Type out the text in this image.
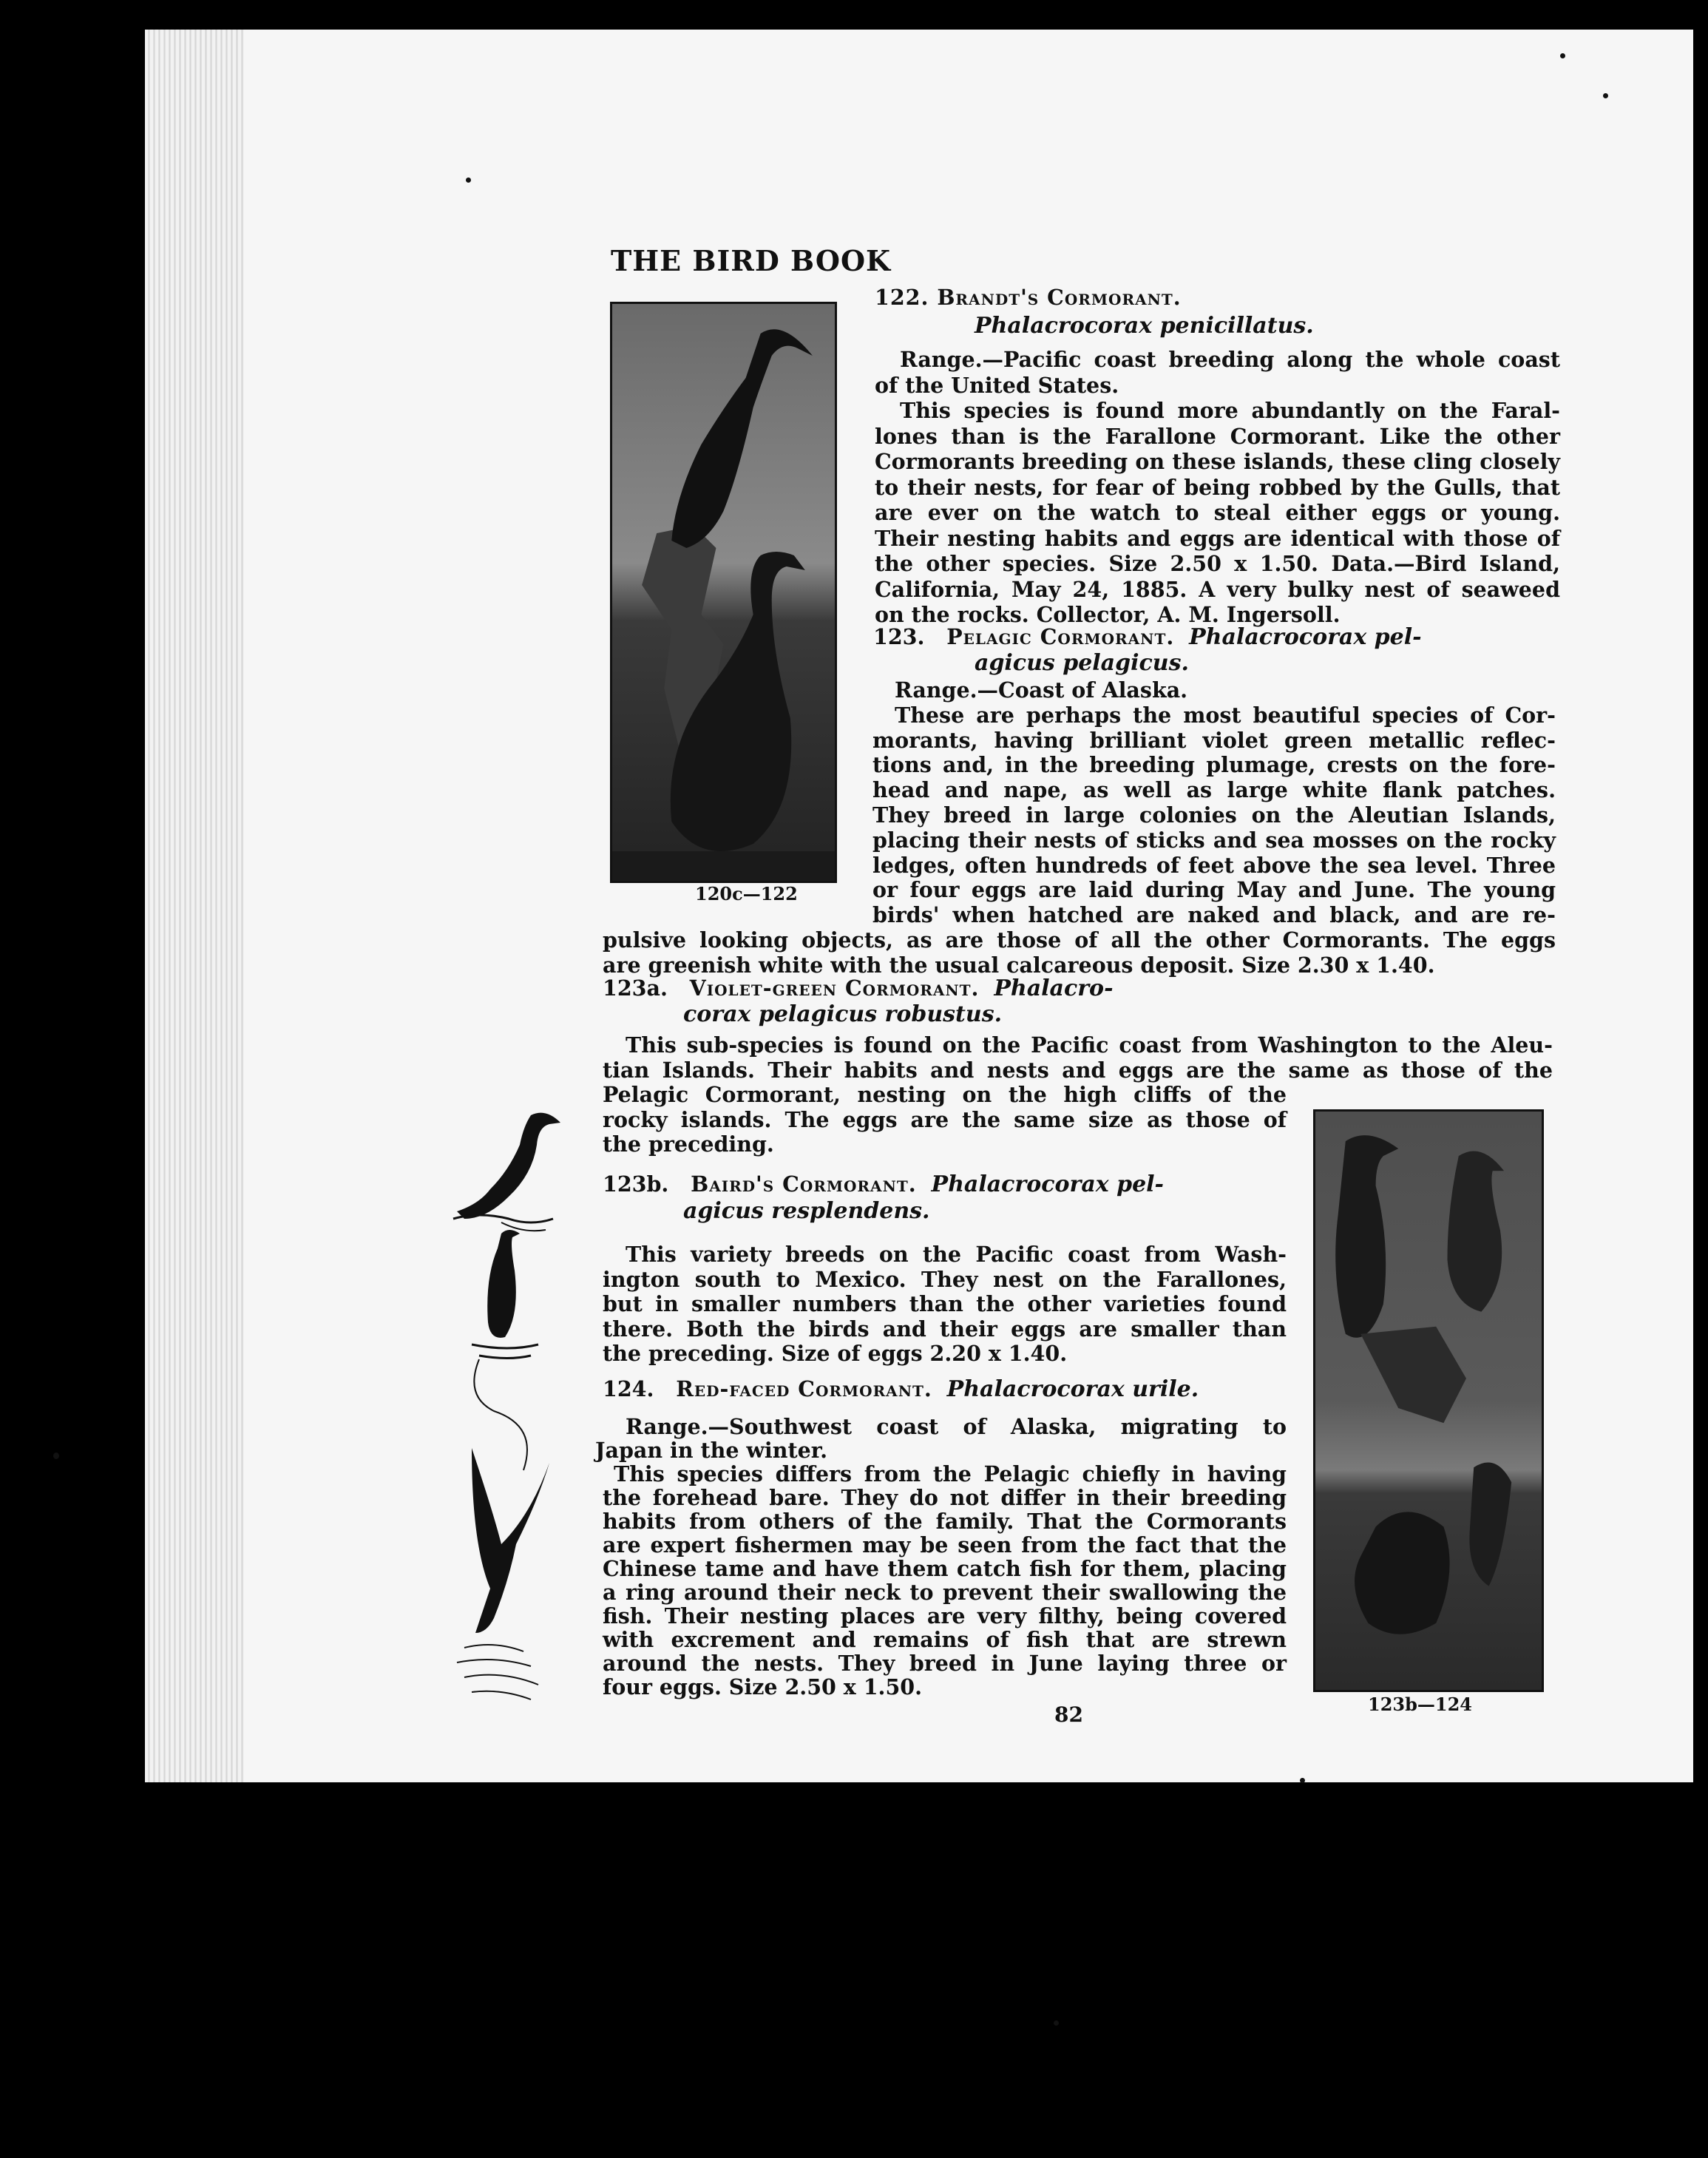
THE BIRD BOOK
122. Brandt's Cormorant.
Phalacrocorax penicillatus.
Range.—Pacific coast breeding along the whole coast
of the United States.
This species is found more abundantly on the Faral-
lones than is the Farallone Cormorant. Like the other
Cormorants breeding on these islands, these cling closely
to their nests, for fear of being robbed by the Gulls, that
are ever on the watch to steal either eggs or young.
Their nesting habits and eggs are identical with those of
the other species. Size 2.50 x 1.50. Data.—Bird Island,
California, May 24, 1885. A very bulky nest of seaweed
on the rocks. Collector, A. M. Ingersoll.
123. Pelagic Cormorant. Phalacrocorax pel-
agicus pelagicus.
Range.—Coast of Alaska.
These are perhaps the most beautiful species of Cor-
morants, having brilliant violet green metallic reflec-
tions and, in the breeding plumage, crests on the fore-
head and nape, as well as large white flank patches.
They breed in large colonies on the Aleutian Islands,
placing their nests of sticks and sea mosses on the rocky
ledges, often hundreds of feet above the sea level. Three
or four eggs are laid during May and June. The young
birds' when hatched are naked and black, and are re-
pulsive looking objects, as are those of all the other Cormorants. The eggs
are greenish white with the usual calcareous deposit. Size 2.30 x 1.40.
123a. Violet-green Cormorant. Phalacro-
corax pelagicus robustus.
This sub-species is found on the Pacific coast from Washington to the Aleu-
tian Islands. Their habits and nests and eggs are the same as those of the
Pelagic Cormorant, nesting on the high cliffs of the
rocky islands. The eggs are the same size as those of
the preceding.
123b. Baird's Cormorant. Phalacrocorax pel-
agicus resplendens.
This variety breeds on the Pacific coast from Wash-
ington south to Mexico. They nest on the Farallones,
but in smaller numbers than the other varieties found
there. Both the birds and their eggs are smaller than
the preceding. Size of eggs 2.20 x 1.40.
124. Red-faced Cormorant. Phalacrocorax urile.
Range.—Southwest coast of Alaska, migrating to
Japan in the winter.
This species differs from the Pelagic chiefly in having
the forehead bare. They do not differ in their breeding
habits from others of the family. That the Cormorants
are expert fishermen may be seen from the fact that the
Chinese tame and have them catch fish for them, placing
a ring around their neck to prevent their swallowing the
fish. Their nesting places are very filthy, being covered
with excrement and remains of fish that are strewn
around the nests. They breed in June laying three or
four eggs. Size 2.50 x 1.50.
120c—122
123b—124
82
